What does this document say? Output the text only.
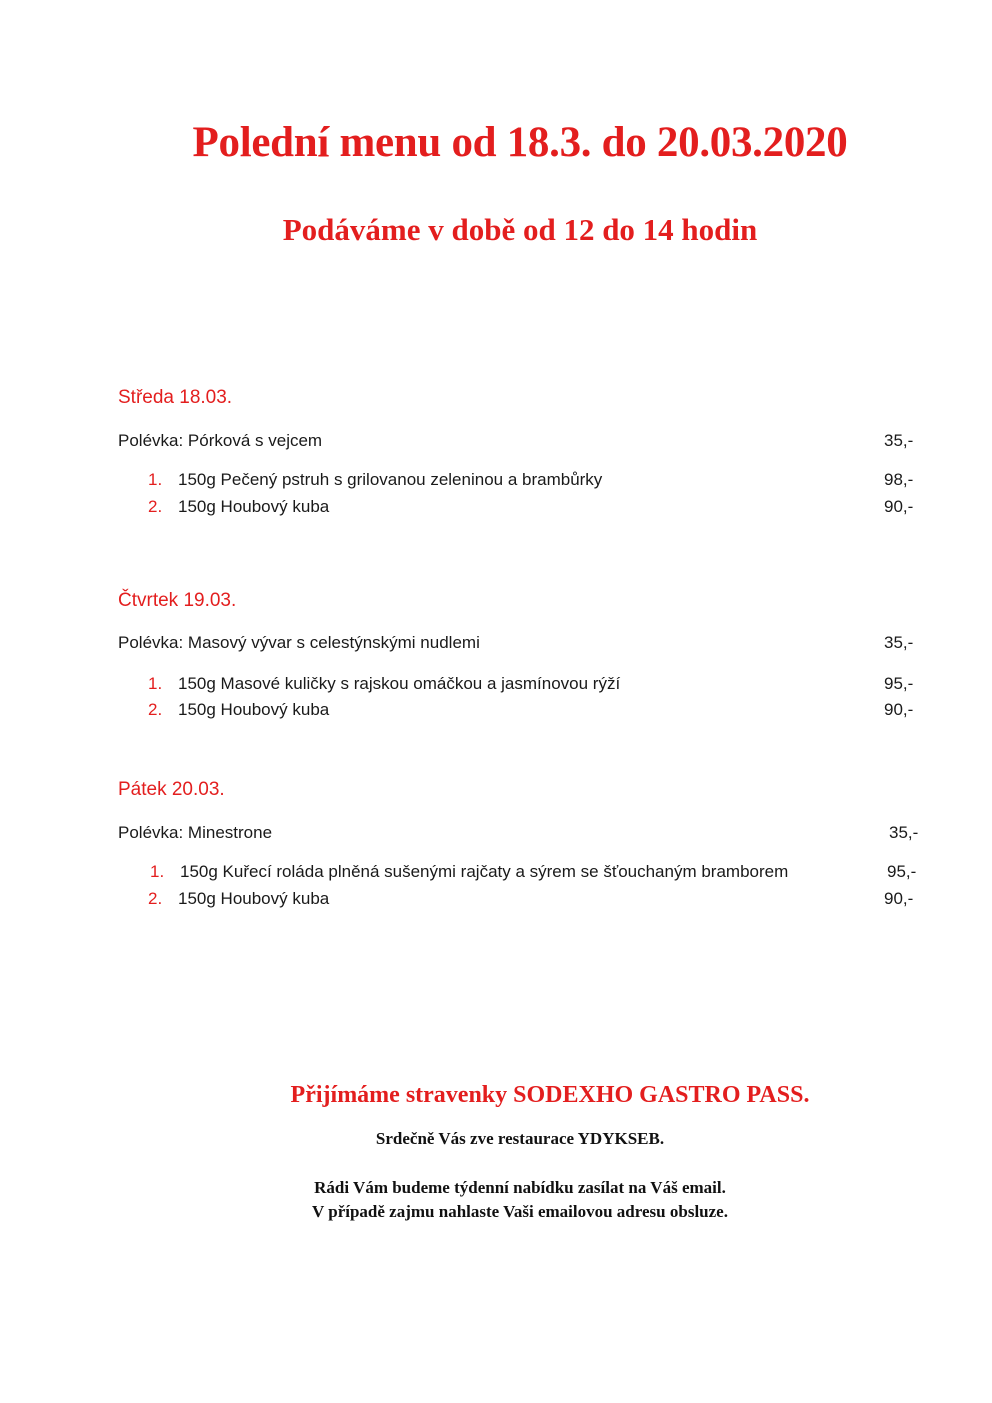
Polední menu od 18.3. do 20.03.2020
Podáváme v době od 12 do 14 hodin
Středa 18.03.
Polévka: Pórková s vejcem	35,-
1. 150g Pečený pstruh s grilovanou zeleninou a brambůrky	98,-
2. 150g Houbový kuba	90,-
Čtvrtek 19.03.
Polévka: Masový vývar s celestýnskými nudlemi	35,-
1. 150g Masové kuličky s rajskou omáčkou a jasmínovou rýží	95,-
2. 150g Houbový kuba	90,-
Pátek 20.03.
Polévka: Minestrone	35,-
1. 150g Kuřecí roláda plněná sušenými rajčaty a sýrem se šťouchaným bramborem	95,-
2. 150g Houbový kuba	90,-

Přijímáme stravenky SODEXHO GASTRO PASS.

Srdečně Vás zve restaurace YDYKSEB.

Rádi Vám budeme týdenní nabídku zasílat na Váš email.

V případě zajmu nahlaste Vaši emailovou adresu obsluze.
